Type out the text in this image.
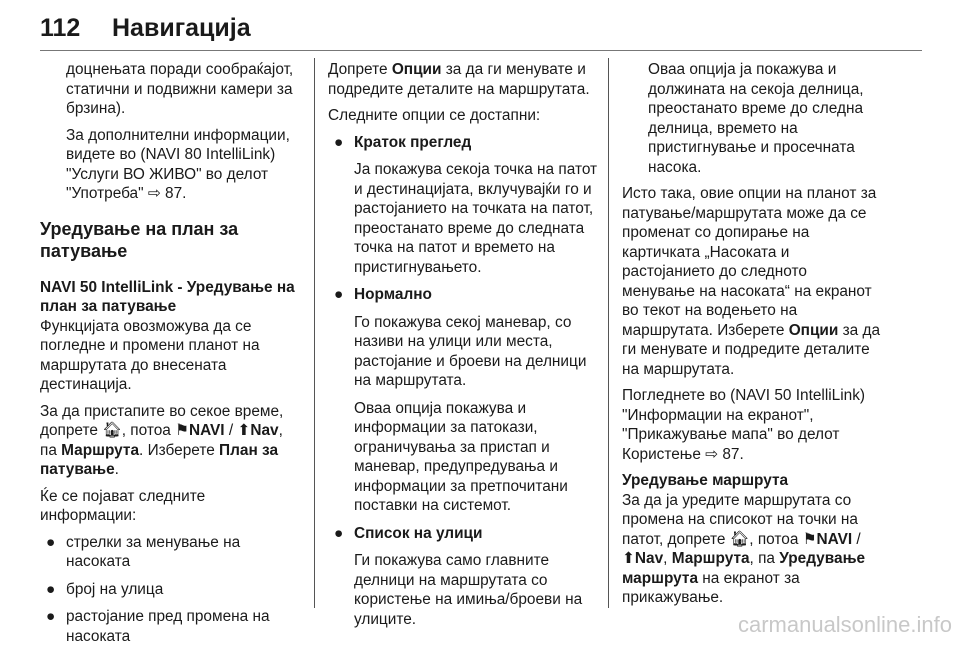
112 Навигација

доцнењата поради сообраќајот, статични и подвижни камери за брзина).

За дополнителни информации, видете во (NAVI 80 IntelliLink) "Услуги ВО ЖИВО" во делот "Употреба" ⇨ 87.

Уредување на план за патување

NAVI 50 IntelliLink - Уредување на план за патување

Функцијата овозможува да се погледне и промени планот на маршрутата до внесената дестинација.

За да пристапите во секое време, допрете 🏠︎, потоа ⚑NAVI / ⬆Nav, па Маршрута. Изберете План за патување.

Ќе се појават следните информации:

● стрелки за менување на насоката
● број на улица
● растојание пред промена на насоката

Допрете Опции за да ги менувате и подредите деталите на маршрутата.

Следните опции се достапни:

● Краток преглед
Ја покажува секоја точка на патот и дестинацијата, вклучувајќи го и растојанието на точката на патот, преостанато време до следната точка на патот и времето на пристигнувањето.
● Нормално
Го покажува секој маневар, со називи на улици или места, растојание и броеви на делници на маршрутата.
Оваа опција покажува и информации за патокази, ограничувања за пристап и маневар, предупредувања и информации за претпочитани поставки на системот.
● Список на улици
Ги покажува само главните делници на маршрутата со користење на имиња/броеви на улиците.

Оваа опција ја покажува и должината на секоја делница, преостанато време до следна делница, времето на пристигнување и просечната насока.

Исто така, овие опции на планот за патување/маршрутата може да се променат со допирање на картичката „Насоката и растојанието до следното менување на насоката“ на екранот во текот на водењето на маршрутата. Изберете Опции за да ги менувате и подредите деталите на маршрутата.

Погледнете во (NAVI 50 IntelliLink) "Информации на екранот", "Прикажување мапа" во делот Користење ⇨ 87.

Уредување маршрута

За да ја уредите маршрутата со промена на списокот на точки на патот, допрете 🏠︎, потоа ⚑NAVI / ⬆Nav, Маршрута, па Уредување маршрута на екранот за прикажување.

carmanualsonline.info
